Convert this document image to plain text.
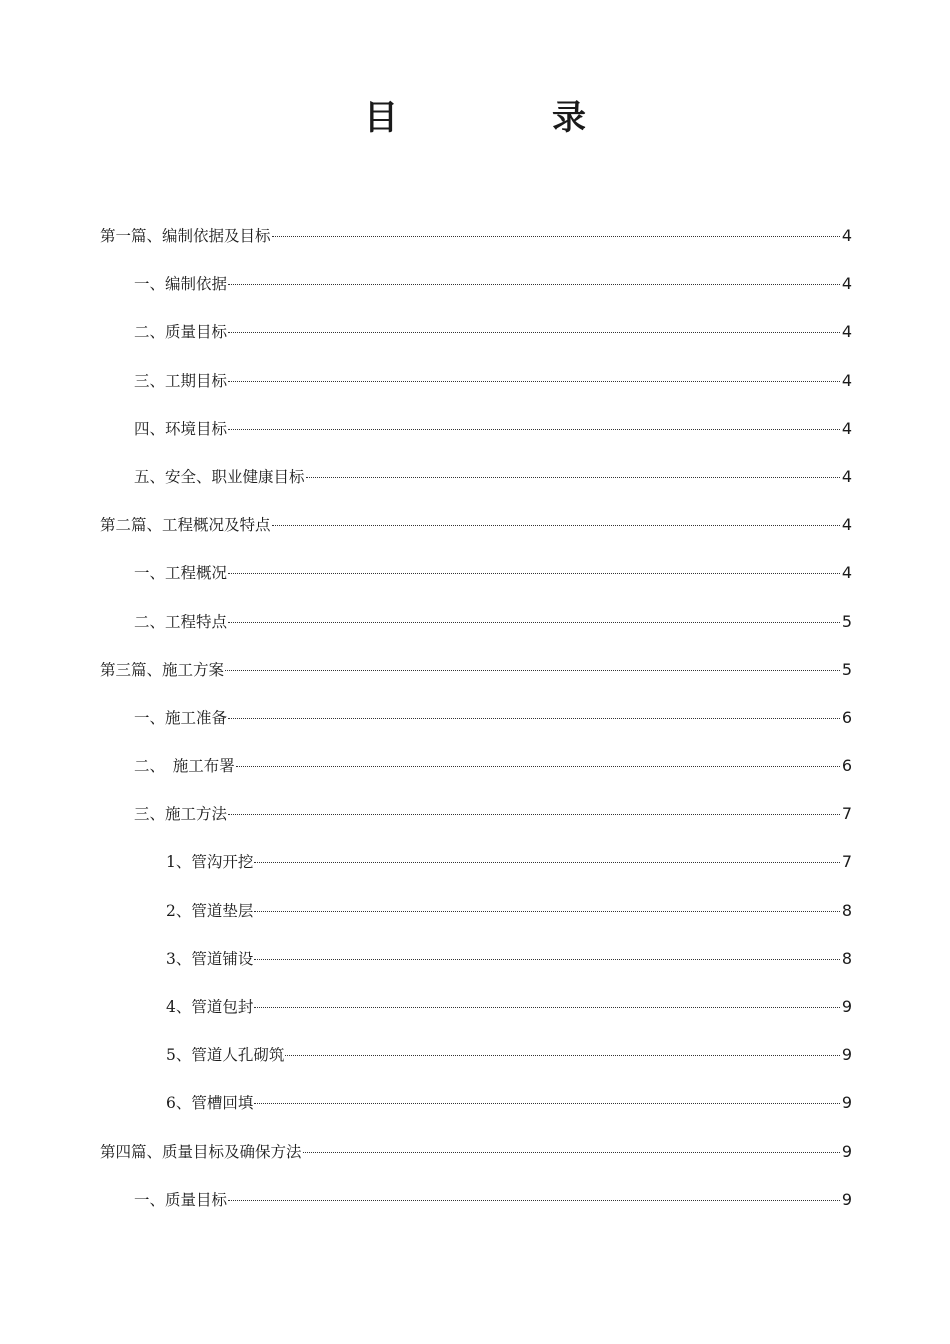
目　录
第一篇、编制依据及目标	4
一、编制依据	4
二、质量目标	4
三、工期目标	4
四、环境目标	4
五、安全、职业健康目标	4
第二篇、工程概况及特点	4
一、工程概况	4
二、工程特点	5
第三篇、施工方案	5
一、施工准备	6
二、　施工布署	6
三、施工方法	7
1、管沟开挖	7
2、管道垫层	8
3、管道铺设	8
4、管道包封	9
5、管道人孔砌筑	9
6、管槽回填	9
第四篇、质量目标及确保方法	9
一、质量目标	9
